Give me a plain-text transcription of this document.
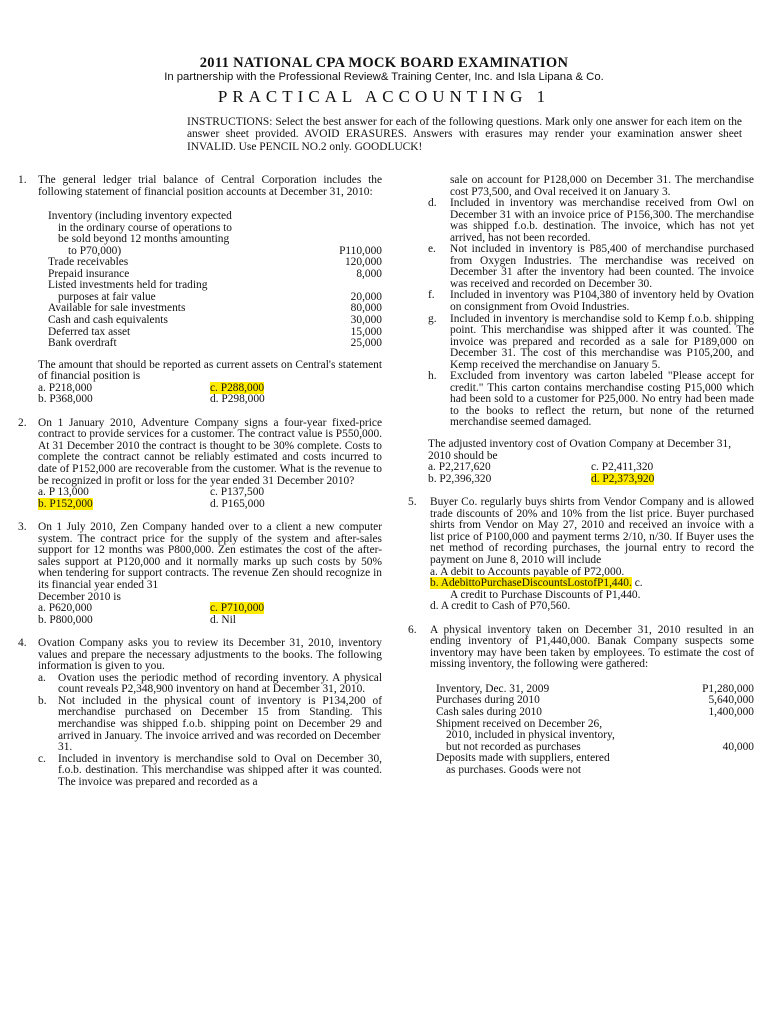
2011 NATIONAL CPA MOCK BOARD EXAMINATION
In partnership with the Professional Review& Training Center, Inc. and Isla Lipana & Co.
PRACTICAL ACCOUNTING 1
INSTRUCTIONS: Select the best answer for each of the following questions. Mark only one answer for each item on the answer sheet provided. AVOID ERASURES. Answers with erasures may render your examination answer sheet INVALID. Use PENCIL NO.2 only. GOODLUCK!
1. The general ledger trial balance of Central Corporation includes the following statement of financial position accounts at December 31, 2010:

Inventory (including inventory expected
in the ordinary course of operations to
be sold beyond 12 months amounting
to P70,000)	P110,000
Trade receivables	120,000
Prepaid insurance	8,000
Listed investments held for trading
purposes at fair value	20,000
Available for sale investments	80,000
Cash and cash equivalents	30,000
Deferred tax asset	15,000
Bank overdraft	25,000

The amount that should be reported as current assets on Central's statement of financial position is

a. P218,000	c. P288,000
b. P368,000	d. P298,000
2. On 1 January 2010, Adventure Company signs a four-year fixed-price contract to provide services for a customer. The contract value is P550,000. At 31 December 2010 the contract is thought to be 30% complete. Costs to complete the contract cannot be reliably estimated and costs incurred to date of P152,000 are recoverable from the customer. What is the revenue to be recognized in profit or loss for the year ended 31 December 2010?

a. P 13,000	c. P137,500
b. P152,000	d. P165,000
3. On 1 July 2010, Zen Company handed over to a client a new computer system. The contract price for the supply of the system and after-sales support for 12 months was P800,000. Zen estimates the cost of the after-sales support at P120,000 and it normally marks up such costs by 50% when tendering for support contracts. The revenue Zen should recognize in its financial year ended 31

December 2010 is

a. P620,000	c. P710,000
b. P800,000	d. Nil
4. Ovation Company asks you to review its December 31, 2010, inventory values and prepare the necessary adjustments to the books. The following information is given to you.

a. Ovation uses the periodic method of recording inventory. A physical count reveals P2,348,900 inventory on hand at December 31, 2010.

b. Not included in the physical count of inventory is P134,200 of merchandise purchased on December 15 from Standing. This merchandise was shipped f.o.b. shipping point on December 29 and arrived in January. The invoice arrived and was recorded on December

31.

c. Included in inventory is merchandise sold to Oval on December 30, f.o.b. destination. This merchandise was shipped after it was counted. The invoice was prepared and recorded as a

sale on account for P128,000 on December 31. The merchandise cost P73,500, and Oval received it on January 3.

d. Included in inventory was merchandise received from Owl on December 31 with an invoice price of P156,300. The merchandise was shipped f.o.b. destination. The invoice, which has not yet arrived, has not been recorded.

e. Not included in inventory is P85,400 of merchandise purchased from Oxygen Industries. The merchandise was received on December 31 after the inventory had been counted. The invoice was received and recorded on December 30.

f. Included in inventory was P104,380 of inventory held by Ovation on consignment from Ovoid Industries.

g. Included in inventory is merchandise sold to Kemp f.o.b. shipping point. This merchandise was shipped after it was counted. The invoice was prepared and recorded as a sale for P189,000 on December 31. The cost of this merchandise was P105,200, and Kemp received the merchandise on January 5.

h. Excluded from inventory was carton labeled "Please accept for credit." This carton contains merchandise costing P15,000 which had been sold to a customer for P25,000. No entry had been made to the books to reflect the return, but none of the returned merchandise seemed damaged.

The adjusted inventory cost of Ovation Company at December 31, 2010 should be

a. P2,217,620	c. P2,411,320
b. P2,396,320	d. P2,373,920
5. Buyer Co. regularly buys shirts from Vendor Company and is allowed trade discounts of 20% and 10% from the list price. Buyer purchased shirts from Vendor on May 27, 2010 and received an invoice with a list price of P100,000 and payment terms 2/10, n/30. If Buyer uses the net method of recording purchases, the journal entry to record the payment on June 8, 2010 will include

a. A debit to Accounts payable of P72,000.

b. AdebittoPurchaseDiscountsLostofP1,440. c.

A credit to Purchase Discounts of P1,440.

d. A credit to Cash of P70,560.

6. A physical inventory taken on December 31, 2010 resulted in an ending inventory of P1,440,000. Banak Company suspects some inventory may have been taken by employees. To estimate the cost of missing inventory, the following were gathered:

Inventory, Dec. 31, 2009	P1,280,000
Purchases during 2010	5,640,000
Cash sales during 2010	1,400,000
Shipment received on December 26,
2010, included in physical inventory,
but not recorded as purchases	40,000
Deposits made with suppliers, entered
as purchases. Goods were not
